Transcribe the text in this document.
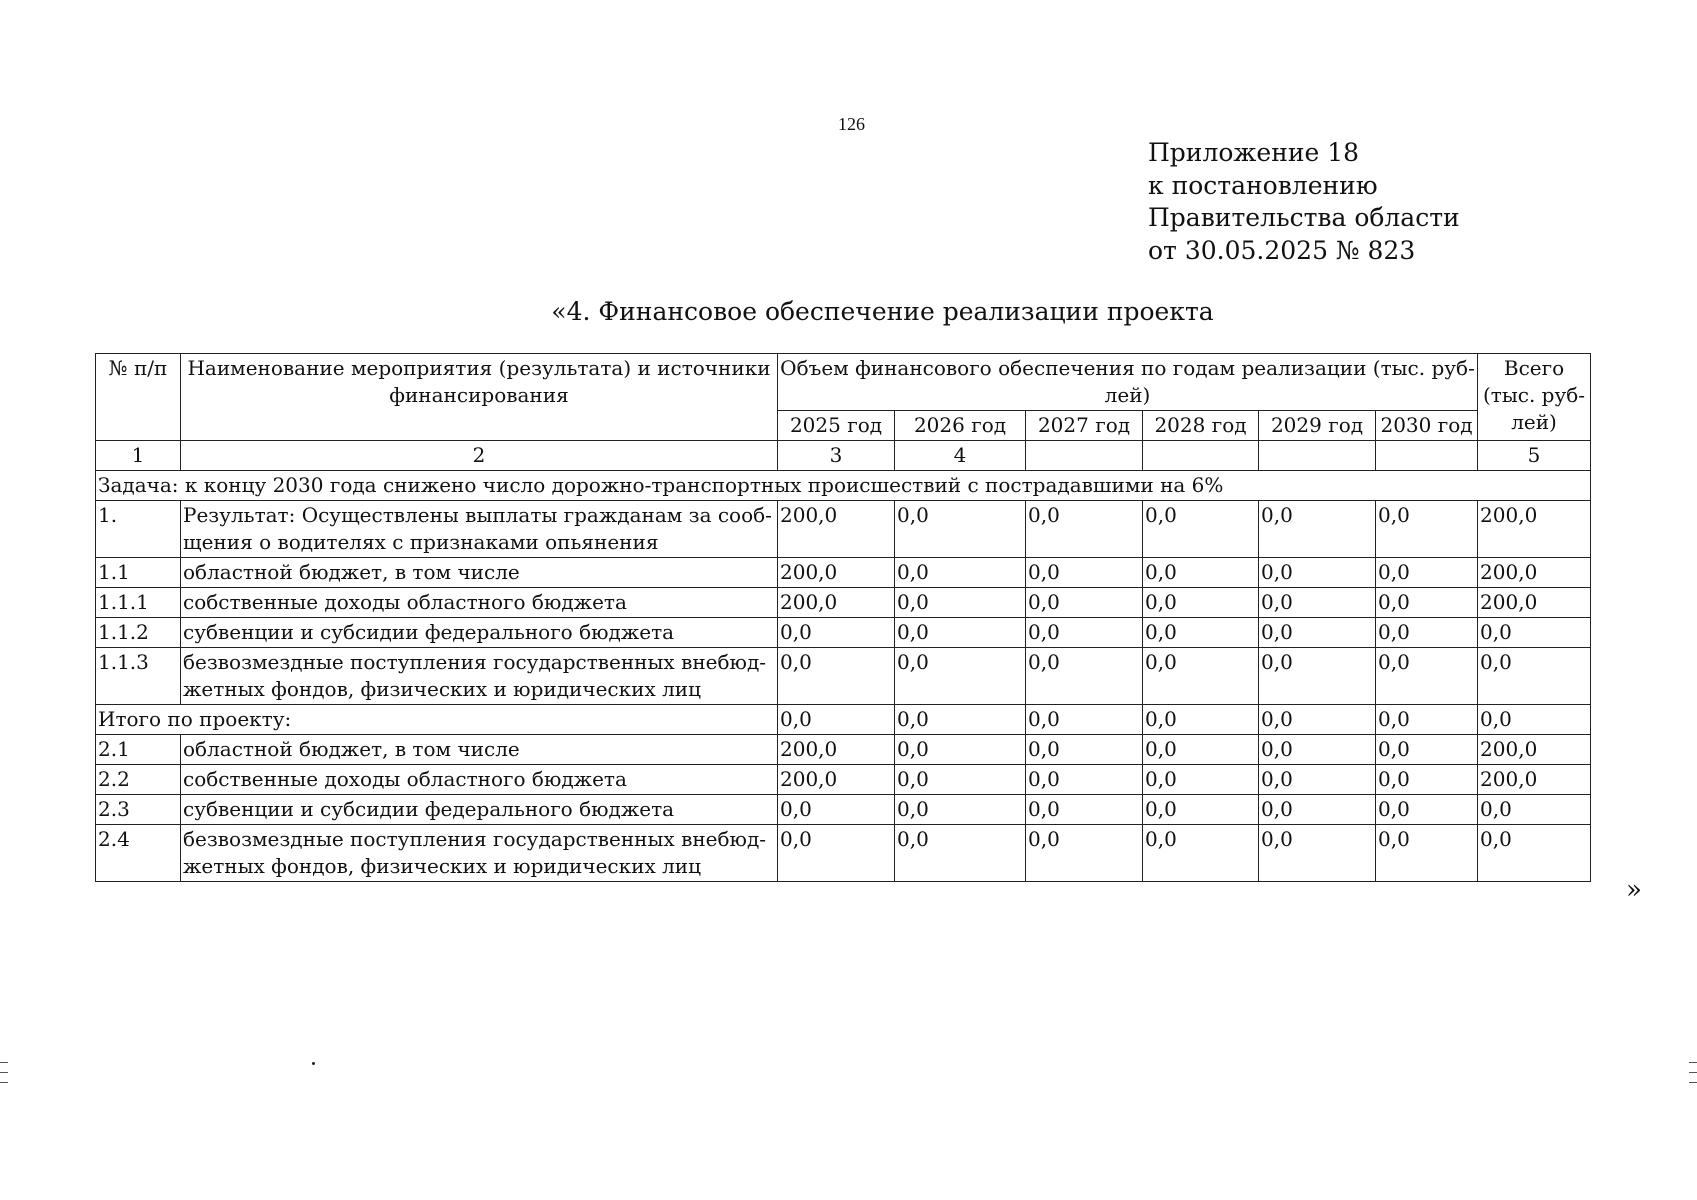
126
Приложение 18
к постановлению
Правительства области
от 30.05.2025 № 823
«4. Финансовое обеспечение реализации проекта
№ п/п	Наименование мероприятия (результата) и источники финансирования	Объем финансового обеспечения по годам реализации (тыс. руб-лей)						Всего (тыс. руб-лей)
		2025 год	2026 год	2027 год	2028 год	2029 год	2030 год	
1	2	3	4					5
Задача: к концу 2030 года снижено число дорожно-транспортных происшествий с пострадавшими на 6%								
1.	Результат: Осуществлены выплаты гражданам за сооб-щения о водителях с признаками опьянения	200,0	0,0	0,0	0,0	0,0	0,0	200,0
1.1	областной бюджет, в том числе	200,0	0,0	0,0	0,0	0,0	0,0	200,0
1.1.1	собственные доходы областного бюджета	200,0	0,0	0,0	0,0	0,0	0,0	200,0
1.1.2	субвенции и субсидии федерального бюджета	0,0	0,0	0,0	0,0	0,0	0,0	0,0
1.1.3	безвозмездные поступления государственных внебюд-жетных фондов, физических и юридических лиц	0,0	0,0	0,0	0,0	0,0	0,0	0,0
Итого по проекту:		0,0	0,0	0,0	0,0	0,0	0,0	0,0
2.1	областной бюджет, в том числе	200,0	0,0	0,0	0,0	0,0	0,0	200,0
2.2	собственные доходы областного бюджета	200,0	0,0	0,0	0,0	0,0	0,0	200,0
2.3	субвенции и субсидии федерального бюджета	0,0	0,0	0,0	0,0	0,0	0,0	0,0
2.4	безвозмездные поступления государственных внебюд-жетных фондов, физических и юридических лиц	0,0	0,0	0,0	0,0	0,0	0,0	0,0
»
